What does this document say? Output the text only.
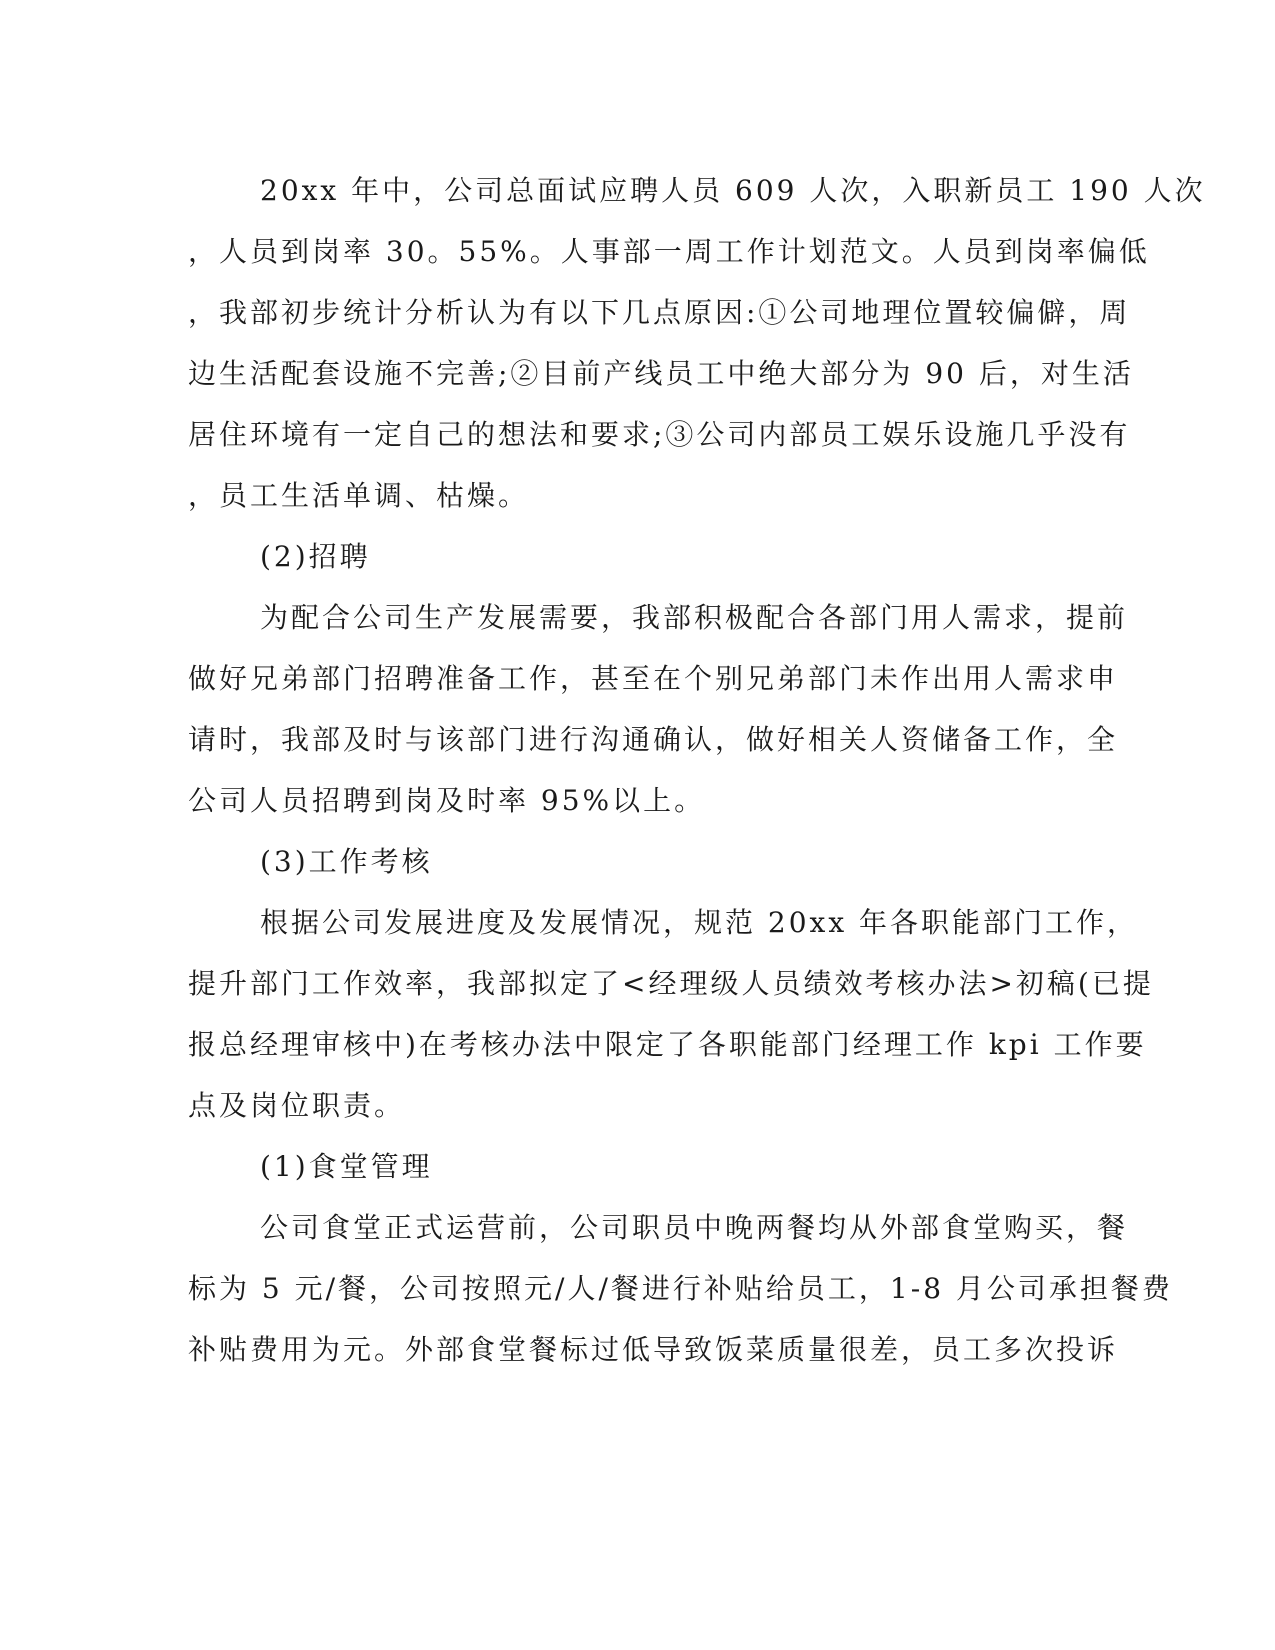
20xx 年中，公司总面试应聘人员 609 人次，入职新员工 190 人次
，人员到岗率 30。55%。人事部一周工作计划范文。人员到岗率偏低
，我部初步统计分析认为有以下几点原因:①公司地理位置较偏僻，周
边生活配套设施不完善;②目前产线员工中绝大部分为 90 后，对生活
居住环境有一定自己的想法和要求;③公司内部员工娱乐设施几乎没有
，员工生活单调、枯燥。
(2)招聘
为配合公司生产发展需要，我部积极配合各部门用人需求，提前
做好兄弟部门招聘准备工作，甚至在个别兄弟部门未作出用人需求申
请时，我部及时与该部门进行沟通确认，做好相关人资储备工作，全
公司人员招聘到岗及时率 95%以上。
(3)工作考核
根据公司发展进度及发展情况，规范 20xx 年各职能部门工作，
提升部门工作效率，我部拟定了<经理级人员绩效考核办法>初稿(已提
报总经理审核中)在考核办法中限定了各职能部门经理工作 kpi 工作要
点及岗位职责。
(1)食堂管理
公司食堂正式运营前，公司职员中晚两餐均从外部食堂购买，餐
标为 5 元/餐，公司按照元/人/餐进行补贴给员工，1-8 月公司承担餐费
补贴费用为元。外部食堂餐标过低导致饭菜质量很差，员工多次投诉
